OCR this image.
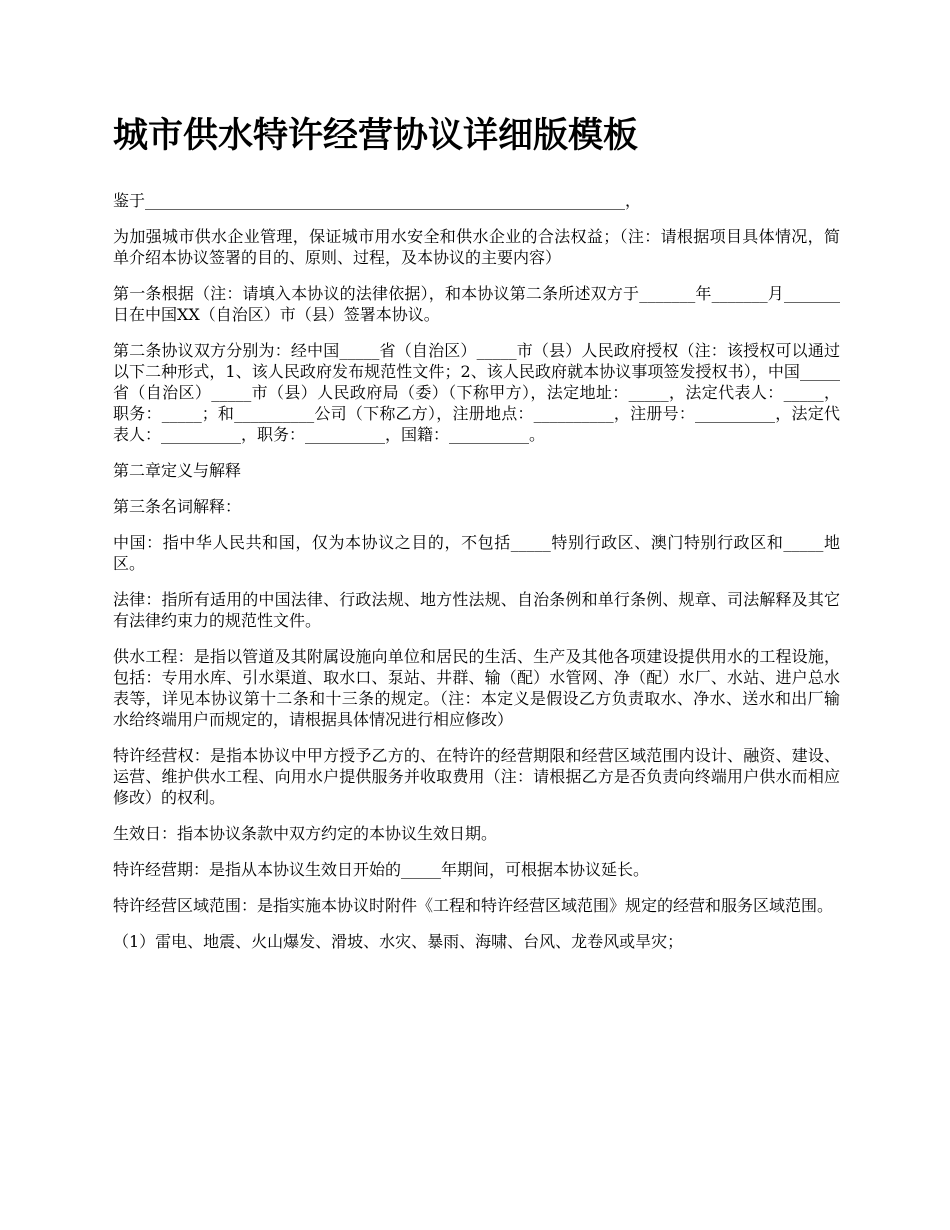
城市供水特许经营协议详细版模板

鉴于____________________________________________________________，

为加强城市供水企业管理，保证城市用水安全和供水企业的合法权益；（注：请根据项目具体情况，简单介绍本协议签署的目的、原则、过程，及本协议的主要内容）

第一条根据（注：请填入本协议的法律依据），和本协议第二条所述双方于_______年_______月_______日在中国XX（自治区）市（县）签署本协议。

第二条协议双方分别为：经中国_____省（自治区）_____市（县）人民政府授权（注：该授权可以通过以下二种形式，1、该人民政府发布规范性文件；2、该人民政府就本协议事项签发授权书），中国_____省（自治区）_____市（县）人民政府局（委）（下称甲方），法定地址：_____，法定代表人：_____，职务：_____；和__________公司（下称乙方），注册地点：__________，注册号：__________，法定代表人：__________，职务：__________，国籍：__________。

第二章定义与解释

第三条名词解释：

中国：指中华人民共和国，仅为本协议之目的，不包括_____特别行政区、澳门特别行政区和_____地区。

法律：指所有适用的中国法律、行政法规、地方性法规、自治条例和单行条例、规章、司法解释及其它有法律约束力的规范性文件。

供水工程：是指以管道及其附属设施向单位和居民的生活、生产及其他各项建设提供用水的工程设施，包括：专用水库、引水渠道、取水口、泵站、井群、输（配）水管网、净（配）水厂、水站、进户总水表等，详见本协议第十二条和十三条的规定。（注：本定义是假设乙方负责取水、净水、送水和出厂输水给终端用户而规定的，请根据具体情况进行相应修改）

特许经营权：是指本协议中甲方授予乙方的、在特许的经营期限和经营区域范围内设计、融资、建设、运营、维护供水工程、向用水户提供服务并收取费用（注：请根据乙方是否负责向终端用户供水而相应修改）的权利。

生效日：指本协议条款中双方约定的本协议生效日期。

特许经营期：是指从本协议生效日开始的_____年期间，可根据本协议延长。

特许经营区域范围：是指实施本协议时附件《工程和特许经营区域范围》规定的经营和服务区域范围。

（1）雷电、地震、火山爆发、滑坡、水灾、暴雨、海啸、台风、龙卷风或旱灾；
